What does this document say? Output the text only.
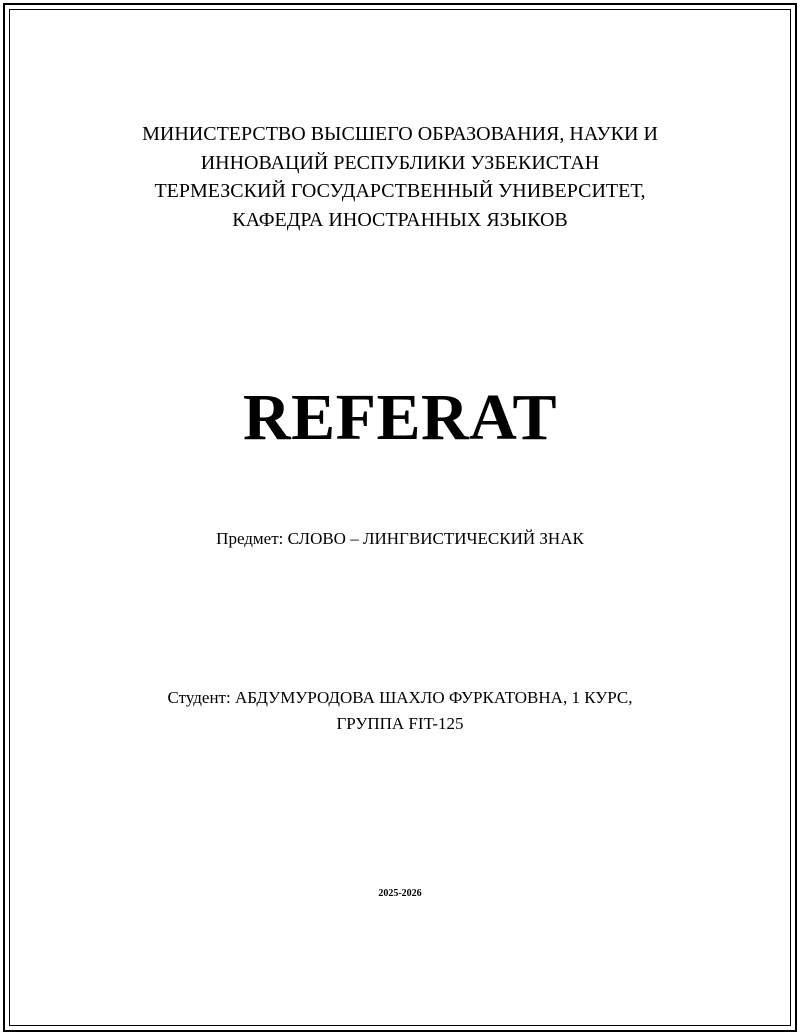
МИНИСТЕРСТВО ВЫСШЕГО ОБРАЗОВАНИЯ, НАУКИ И
ИННОВАЦИЙ РЕСПУБЛИКИ УЗБЕКИСТАН
ТЕРМЕЗСКИЙ ГОСУДАРСТВЕННЫЙ УНИВЕРСИТЕТ,
КАФЕДРА ИНОСТРАННЫХ ЯЗЫКОВ
REFERAT
Предмет: СЛОВО – ЛИНГВИСТИЧЕСКИЙ ЗНАК
Студент: АБДУМУРОДОВА ШАХЛО ФУРКАТОВНА, 1 КУРС,
ГРУППА FIT-125
2025-2026
